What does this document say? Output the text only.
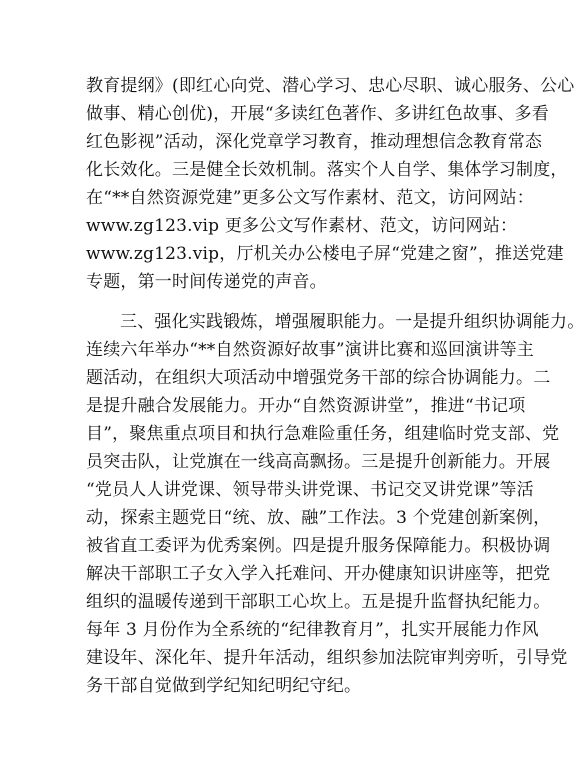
教育提纲》(即红心向党、潜心学习、忠心尽职、诚心服务、公心
做事、精心创优)，开展“多读红色著作、多讲红色故事、多看
红色影视”活动，深化党章学习教育，推动理想信念教育常态
化长效化。三是健全长效机制。落实个人自学、集体学习制度，
在“**自然资源党建”更多公文写作素材、范文，访问网站：
www.zg123.vip 更多公文写作素材、范文，访问网站：
www.zg123.vip，厅机关办公楼电子屏“党建之窗”，推送党建
专题，第一时间传递党的声音。
三、强化实践锻炼，增强履职能力。一是提升组织协调能力。
连续六年举办“**自然资源好故事”演讲比赛和巡回演讲等主
题活动，在组织大项活动中增强党务干部的综合协调能力。二
是提升融合发展能力。开办“自然资源讲堂”，推进“书记项
目”，聚焦重点项目和执行急难险重任务，组建临时党支部、党
员突击队，让党旗在一线高高飘扬。三是提升创新能力。开展
“党员人人讲党课、领导带头讲党课、书记交叉讲党课”等活
动，探索主题党日“统、放、融”工作法。3 个党建创新案例，
被省直工委评为优秀案例。四是提升服务保障能力。积极协调
解决干部职工子女入学入托难问、开办健康知识讲座等，把党
组织的温暖传递到干部职工心坎上。五是提升监督执纪能力。
每年 3 月份作为全系统的“纪律教育月”，扎实开展能力作风
建设年、深化年、提升年活动，组织参加法院审判旁听，引导党
务干部自觉做到学纪知纪明纪守纪。
